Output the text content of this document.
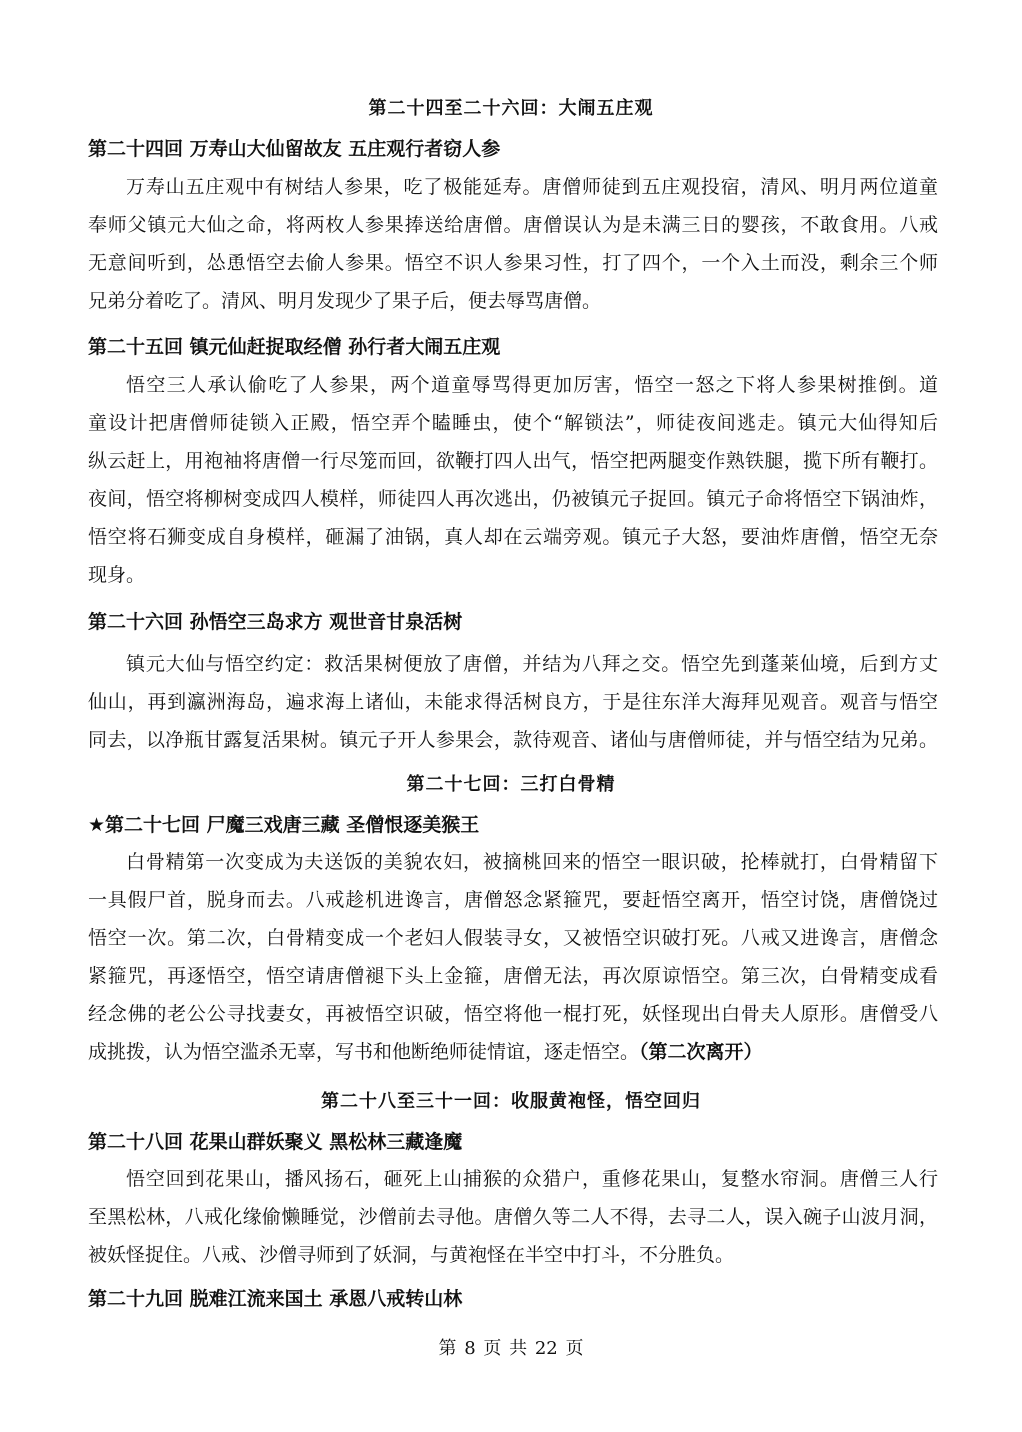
第二十四至二十六回：大闹五庄观
第二十四回 万寿山大仙留故友 五庄观行者窃人参
万寿山五庄观中有树结人参果，吃了极能延寿。唐僧师徒到五庄观投宿，清风、明月两位道童
奉师父镇元大仙之命，将两枚人参果捧送给唐僧。唐僧误认为是未满三日的婴孩，不敢食用。八戒
无意间听到，怂恿悟空去偷人参果。悟空不识人参果习性，打了四个，一个入土而没，剩余三个师
兄弟分着吃了。清风、明月发现少了果子后，便去辱骂唐僧。
第二十五回 镇元仙赶捉取经僧 孙行者大闹五庄观
悟空三人承认偷吃了人参果，两个道童辱骂得更加厉害，悟空一怒之下将人参果树推倒。道
童设计把唐僧师徒锁入正殿，悟空弄个瞌睡虫，使个“解锁法”，师徒夜间逃走。镇元大仙得知后
纵云赶上，用袍袖将唐僧一行尽笼而回，欲鞭打四人出气，悟空把两腿变作熟铁腿，揽下所有鞭打。
夜间，悟空将柳树变成四人模样，师徒四人再次逃出，仍被镇元子捉回。镇元子命将悟空下锅油炸，
悟空将石狮变成自身模样，砸漏了油锅，真人却在云端旁观。镇元子大怒，要油炸唐僧，悟空无奈
现身。
第二十六回 孙悟空三岛求方 观世音甘泉活树
镇元大仙与悟空约定：救活果树便放了唐僧，并结为八拜之交。悟空先到蓬莱仙境，后到方丈
仙山，再到瀛洲海岛，遍求海上诸仙，未能求得活树良方，于是往东洋大海拜见观音。观音与悟空
同去，以净瓶甘露复活果树。镇元子开人参果会，款待观音、诸仙与唐僧师徒，并与悟空结为兄弟。
第二十七回：三打白骨精
★第二十七回 尸魔三戏唐三藏 圣僧恨逐美猴王
白骨精第一次变成为夫送饭的美貌农妇，被摘桃回来的悟空一眼识破，抡棒就打，白骨精留下
一具假尸首，脱身而去。八戒趁机进谗言，唐僧怒念紧箍咒，要赶悟空离开，悟空讨饶，唐僧饶过
悟空一次。第二次，白骨精变成一个老妇人假装寻女，又被悟空识破打死。八戒又进谗言，唐僧念
紧箍咒，再逐悟空，悟空请唐僧褪下头上金箍，唐僧无法，再次原谅悟空。第三次，白骨精变成看
经念佛的老公公寻找妻女，再被悟空识破，悟空将他一棍打死，妖怪现出白骨夫人原形。唐僧受八
成挑拨，认为悟空滥杀无辜，写书和他断绝师徒情谊，逐走悟空。（第二次离开）
第二十八至三十一回：收服黄袍怪，悟空回归
第二十八回 花果山群妖聚义 黑松林三藏逢魔
悟空回到花果山，播风扬石，砸死上山捕猴的众猎户，重修花果山，复整水帘洞。唐僧三人行
至黑松林，八戒化缘偷懒睡觉，沙僧前去寻他。唐僧久等二人不得，去寻二人，误入碗子山波月洞，
被妖怪捉住。八戒、沙僧寻师到了妖洞，与黄袍怪在半空中打斗，不分胜负。
第二十九回 脱难江流来国土 承恩八戒转山林
第 8 页 共 22 页
